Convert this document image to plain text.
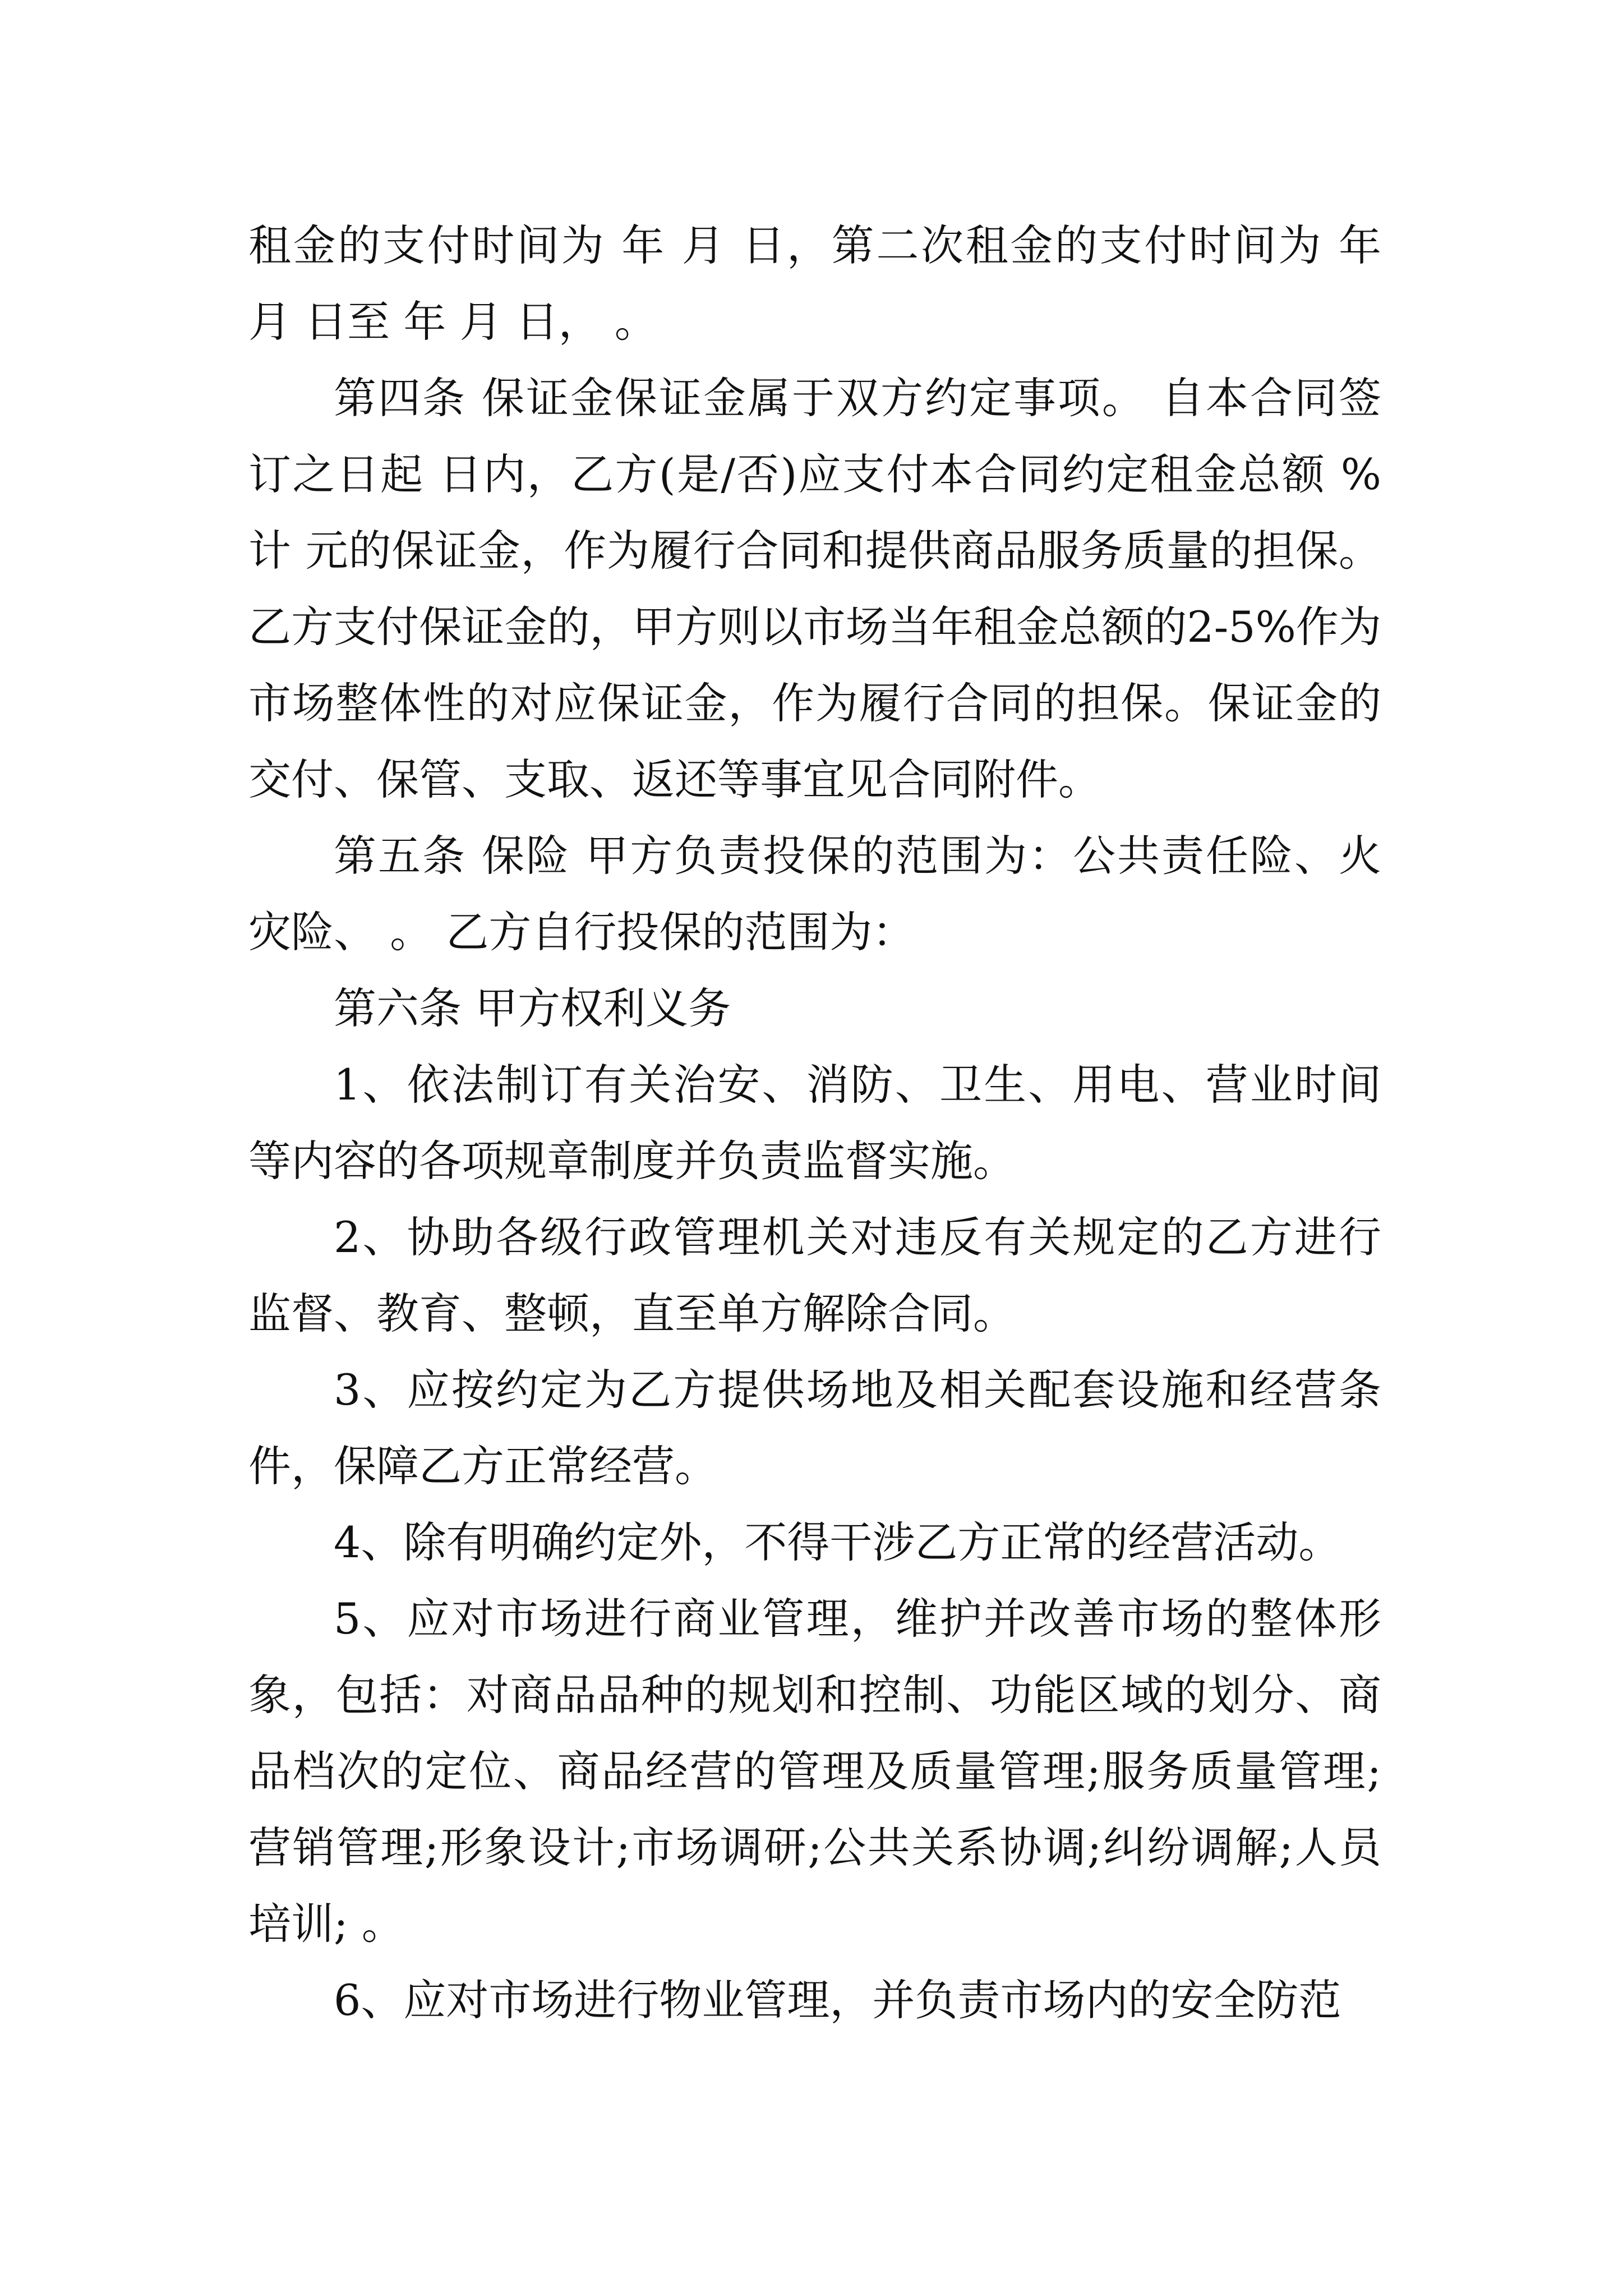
租金的支付时间为 年 月 日，第二次租金的支付时间为 年 月 日至 年 月 日， 。

第四条 保证金保证金属于双方约定事项。 自本合同签订之日起 日内，乙方(是/否)应支付本合同约定租金总额 %计 元的保证金，作为履行合同和提供商品服务质量的担保。乙方支付保证金的，甲方则以市场当年租金总额的2-5%作为市场整体性的对应保证金，作为履行合同的担保。保证金的交付、保管、支取、返还等事宜见合同附件。

第五条 保险 甲方负责投保的范围为：公共责任险、火灾险、 。 乙方自行投保的范围为：

第六条 甲方权利义务

1、依法制订有关治安、消防、卫生、用电、营业时间等内容的各项规章制度并负责监督实施。

2、协助各级行政管理机关对违反有关规定的乙方进行监督、教育、整顿，直至单方解除合同。

3、应按约定为乙方提供场地及相关配套设施和经营条件，保障乙方正常经营。

4、除有明确约定外，不得干涉乙方正常的经营活动。

5、应对市场进行商业管理，维护并改善市场的整体形象，包括：对商品品种的规划和控制、功能区域的划分、商品档次的定位、商品经营的管理及质量管理;服务质量管理;营销管理;形象设计;市场调研;公共关系协调;纠纷调解;人员培训; 。

6、应对市场进行物业管理，并负责市场内的安全防范
